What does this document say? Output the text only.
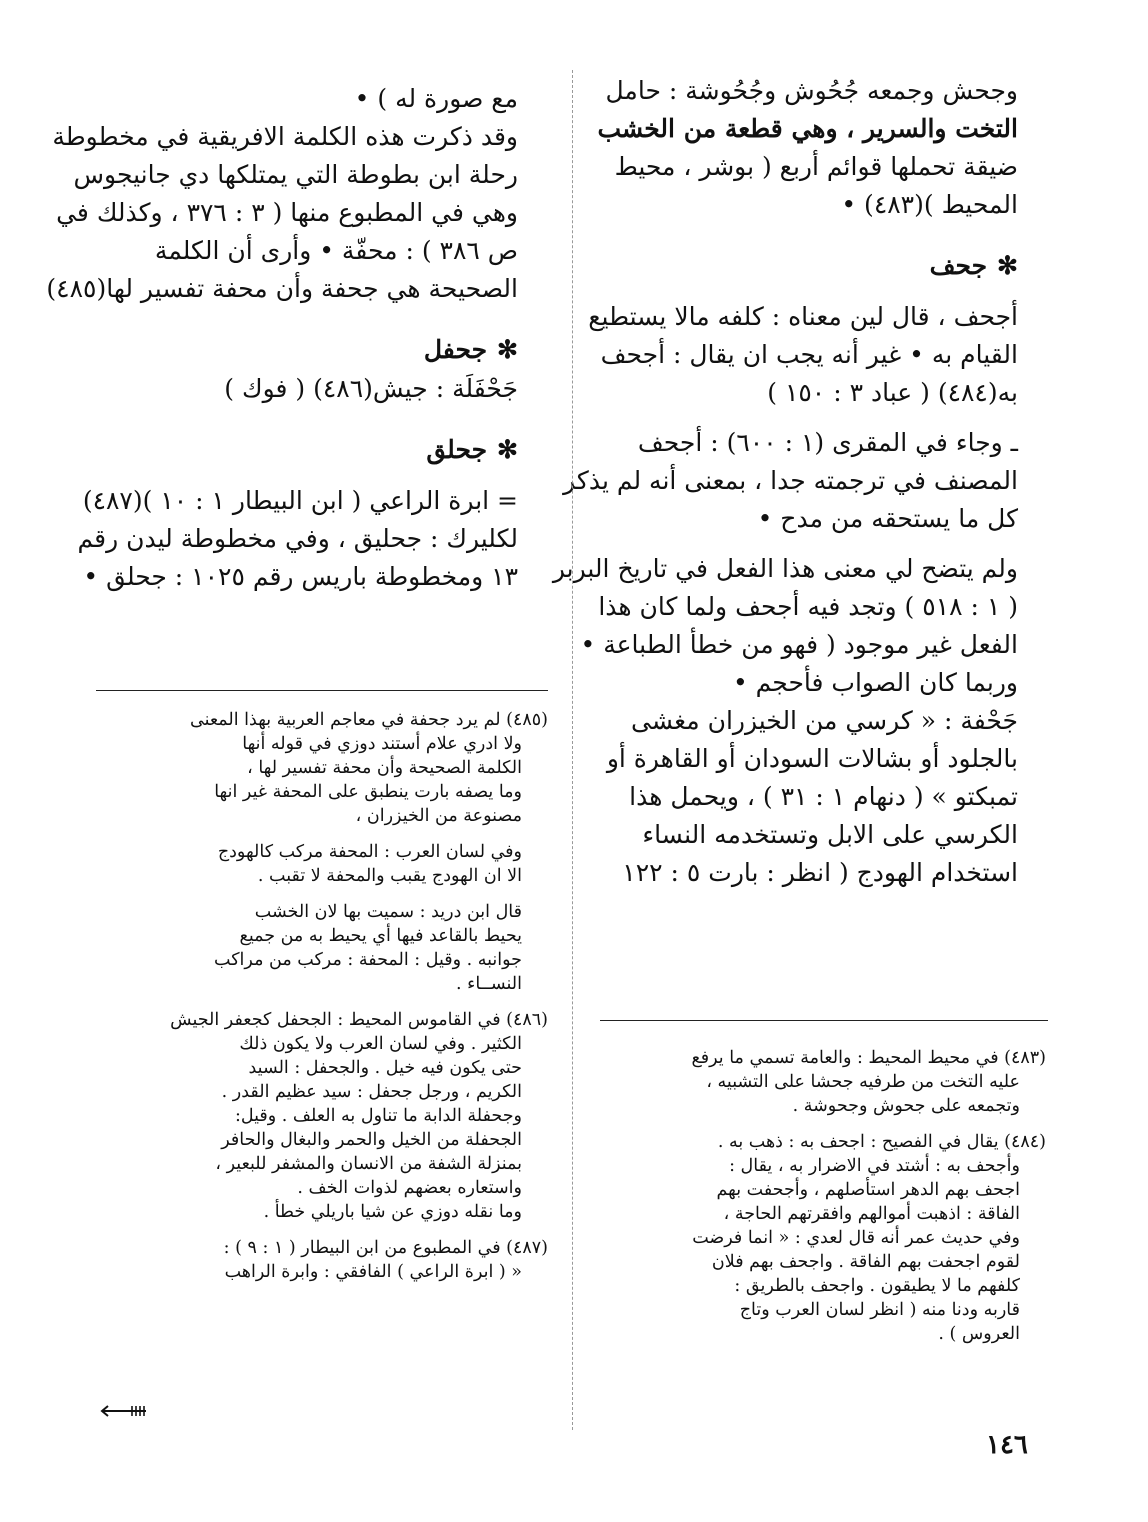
وجحش وجمعه جُحُوش وجُحُوشة : حامل
التخت والسرير ، وهي قطعة من الخشب
ضيقة تحملها قوائم أربع ( بوشر ، محيط
المحيط )(٤٨٣) •
✻جحف
أجحف ، قال لين معناه : كلفه مالا يستطيع
القيام به • غير أنه يجب ان يقال : أجحف
به(٤٨٤) ( عباد ٣ : ١٥٠ )
ـ وجاء في المقرى (١ : ٦٠٠) : أجحف
المصنف في ترجمته جدا ، بمعنى أنه لم يذكر
كل ما يستحقه من مدح •
ولم يتضح لي معنى هذا الفعل في تاريخ البربر
( ١ : ٥١٨ ) وتجد فيه أجحف ولما كان هذا
الفعل غير موجود ( فهو من خطأ الطباعة •
وربما كان الصواب فأحجم •
جَحْفة : « كرسي من الخيزران مغشى
بالجلود أو بشالات السودان أو القاهرة أو
تمبكتو » ( دنهام ١ : ٣١ ) ، ويحمل هذا
الكرسي على الابل وتستخدمه النساء
استخدام الهودج ( انظر : بارت ٥ : ١٢٢
مع صورة له ) •
وقد ذكرت هذه الكلمة الافريقية في مخطوطة
رحلة ابن بطوطة التي يمتلكها دي جانيجوس
وهي في المطبوع منها ( ٣ : ٣٧٦ ، وكذلك في
ص ٣٨٦ ) : محفّة • وأرى أن الكلمة
الصحيحة هي جحفة وأن محفة تفسير لها(٤٨٥)
✻جحفل
جَحْفَلَة : جيش(٤٨٦) ( فوك )
✻جحلق
= ابرة الراعي ( ابن البيطار ١ : ١٠ )(٤٨٧)
لكليرك : جحليق ، وفي مخطوطة ليدن رقم
١٣ ومخطوطة باريس رقم ١٠٢٥ : جحلق •
(٤٨٣) في محيط المحيط : والعامة تسمي ما يرفع
عليه التخت من طرفيه جحشا على التشبيه ،
وتجمعه على جحوش وجحوشة .
(٤٨٤) يقال في الفصيح : اجحف به : ذهب به .
وأجحف به : أشتد في الاضرار به ، يقال :
اجحف بهم الدهر استأصلهم ، وأجحفت بهم
الفاقة : اذهبت أموالهم وافقرتهم الحاجة ،
وفي حديث عمر أنه قال لعدي : « انما فرضت
لقوم اجحفت بهم الفاقة . واجحف بهم فلان
كلفهم ما لا يطيقون . واجحف بالطريق :
قاربه ودنا منه ( انظر لسان العرب وتاج
العروس ) .
(٤٨٥) لم يرد جحفة في معاجم العربية بهذا المعنى
ولا ادري علام أستند دوزي في قوله أنها
الكلمة الصحيحة وأن محفة تفسير لها ،
وما يصفه بارت ينطبق على المحفة غير انها
مصنوعة من الخيزران ،
وفي لسان العرب : المحفة مركب كالهودج
الا ان الهودج يقبب والمحفة لا تقبب .
قال ابن دريد : سميت بها لان الخشب
يحيط بالقاعد فيها أي يحيط به من جميع
جوانبه . وقيل : المحفة : مركب من مراكب
النســاء .
(٤٨٦) في القاموس المحيط : الجحفل كجعفر الجيش
الكثير . وفي لسان العرب ولا يكون ذلك
حتى يكون فيه خيل . والجحفل : السيد
الكريم ، ورجل جحفل : سيد عظيم القدر .
وجحفلة الدابة ما تناول به العلف . وقيل:
الجحفلة من الخيل والحمر والبغال والحافر
بمنزلة الشفة من الانسان والمشفر للبعير ،
واستعاره بعضهم لذوات الخف .
وما نقله دوزي عن شيا باريلي خطأ .
(٤٨٧) في المطبوع من ابن البيطار ( ١ : ٩ ) :
« ( ابرة الراعي ) الفافقي : وابرة الراهب
١٤٦
